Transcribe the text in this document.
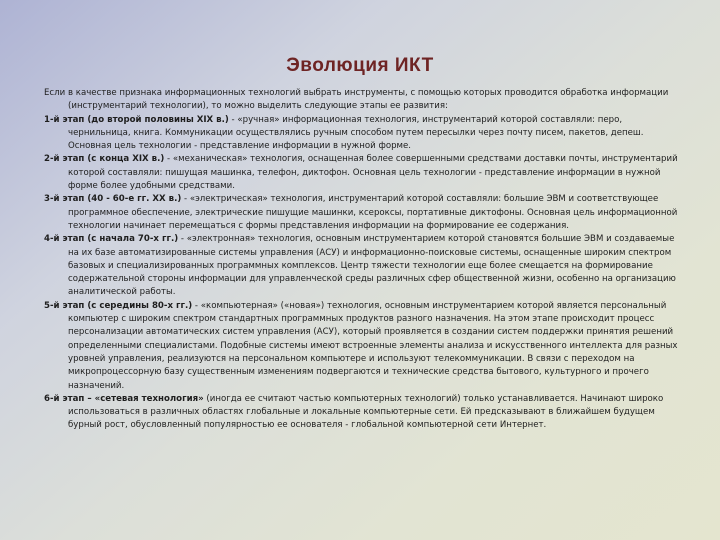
Эволюция ИКТ

Если в качестве признака информационных технологий выбрать инструменты, с помощью которых проводится обработка информации (инструментарий технологии), то можно выделить следующие этапы ее развития:

1-й этап (до второй половины XIX в.) - «ручная» информационная технология, инструментарий которой составляли: перо, чернильница, книга. Коммуникации осуществлялись ручным способом путем пересылки через почту писем, пакетов, депеш. Основная цель технологии - представление информации в нужной форме.

2-й этап (с конца XIX в.) - «механическая» технология, оснащенная более совершенными средствами доставки почты, инструментарий которой составляли: пишущая машинка, телефон, диктофон. Основная цель технологии - представление информации в нужной форме более удобными средствами.

3-й этап (40 - 60-е гг. XX в.) - «электрическая» технология, инструментарий которой составляли: большие ЭВМ и соответствующее программное обеспечение, электрические пишущие машинки, ксероксы, портативные диктофоны. Основная цель информационной технологии начинает перемещаться с формы представления информации на формирование ее содержания.

4-й этап (с начала 70-х гг.) - «электронная» технология, основным инструментарием которой становятся большие ЭВМ и создаваемые на их базе автоматизированные системы управления (АСУ) и информационно-поисковые системы, оснащенные широким спектром базовых и специализированных программных комплексов. Центр тяжести технологии еще более смещается на формирование содержательной стороны информации для управленческой среды различных сфер общественной жизни, особенно на организацию аналитической работы.

5-й этап (с середины 80-х гг.) - «компьютерная» («новая») технология, основным инструментарием которой является персональный компьютер с широким спектром стандартных программных продуктов разного назначения. На этом этапе происходит процесс персонализации автоматических систем управления (АСУ), который проявляется в создании систем поддержки принятия решений определенными специалистами. Подобные системы имеют встроенные элементы анализа и искусственного интеллекта для разных уровней управления, реализуются на персональном компьютере и используют телекоммуникации. В связи с переходом на микропроцессорную базу существенным изменениям подвергаются и технические средства бытового, культурного и прочего назначений.

6-й этап – «сетевая технология» (иногда ее считают частью компьютерных технологий) только устанавливается. Начинают широко использоваться в различных областях глобальные и локальные компьютерные сети. Ей предсказывают в ближайшем будущем бурный рост, обусловленный популярностью ее основателя - глобальной компьютерной сети Интернет.
